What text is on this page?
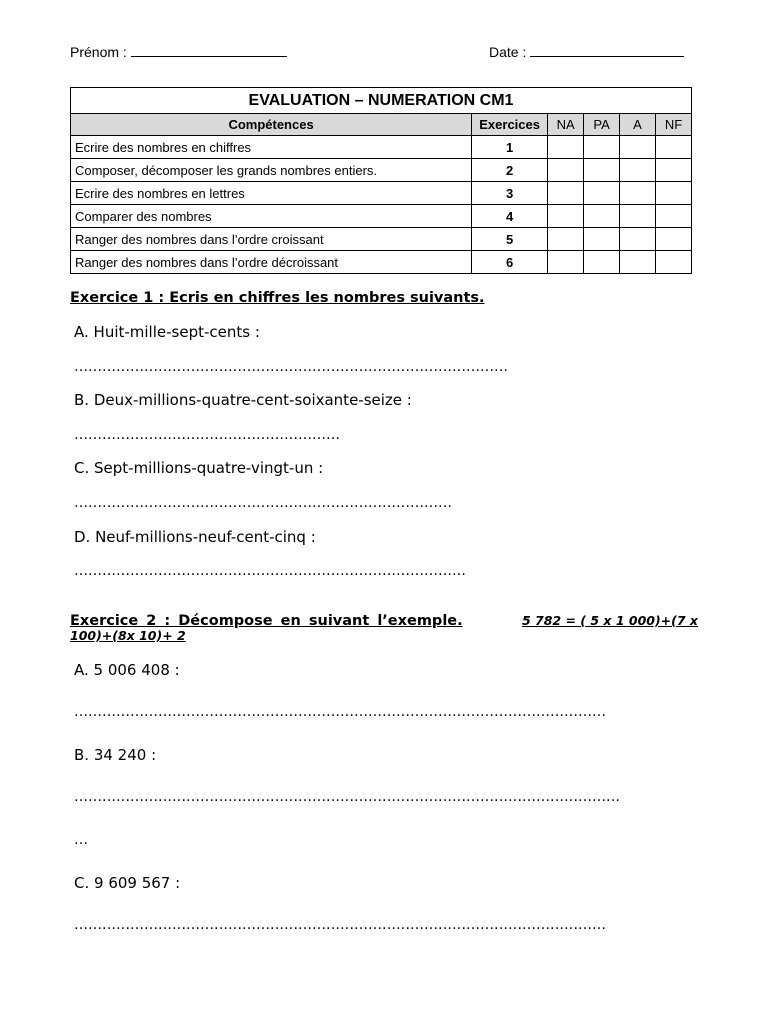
Prénom :	Date :
EVALUATION – NUMERATION CM1					
Compétences	Exercices	NA	PA	A	NF
Ecrire des nombres en chiffres	1				
Composer, décomposer les grands nombres entiers.	2				
Ecrire des nombres en lettres	3				
Comparer des nombres	4				
Ranger des nombres dans l’ordre croissant	5				
Ranger des nombres dans l’ordre décroissant	6				
Exercice 1 : Ecris en chiffres les nombres suivants.
A. Huit-mille-sept-cents :
…………………………………………………………………………………
B. Deux-millions-quatre-cent-soixante-seize :
…………………………………………………
C. Sept-millions-quatre-vingt-un :
………………………………………………………………………
D. Neuf-millions-neuf-cent-cinq :
…………………………………………………………………………
Exercice 2 : Décompose en suivant l’exemple.	5 782 = ( 5 x 1 000)+(7 x
100)+(8x 10)+ 2
A. 5 006 408 :
……………………………………………………………………………………………………
B. 34 240 :
………………………………………………………………………………………………………
…
C. 9 609 567 :
……………………………………………………………………………………………………
